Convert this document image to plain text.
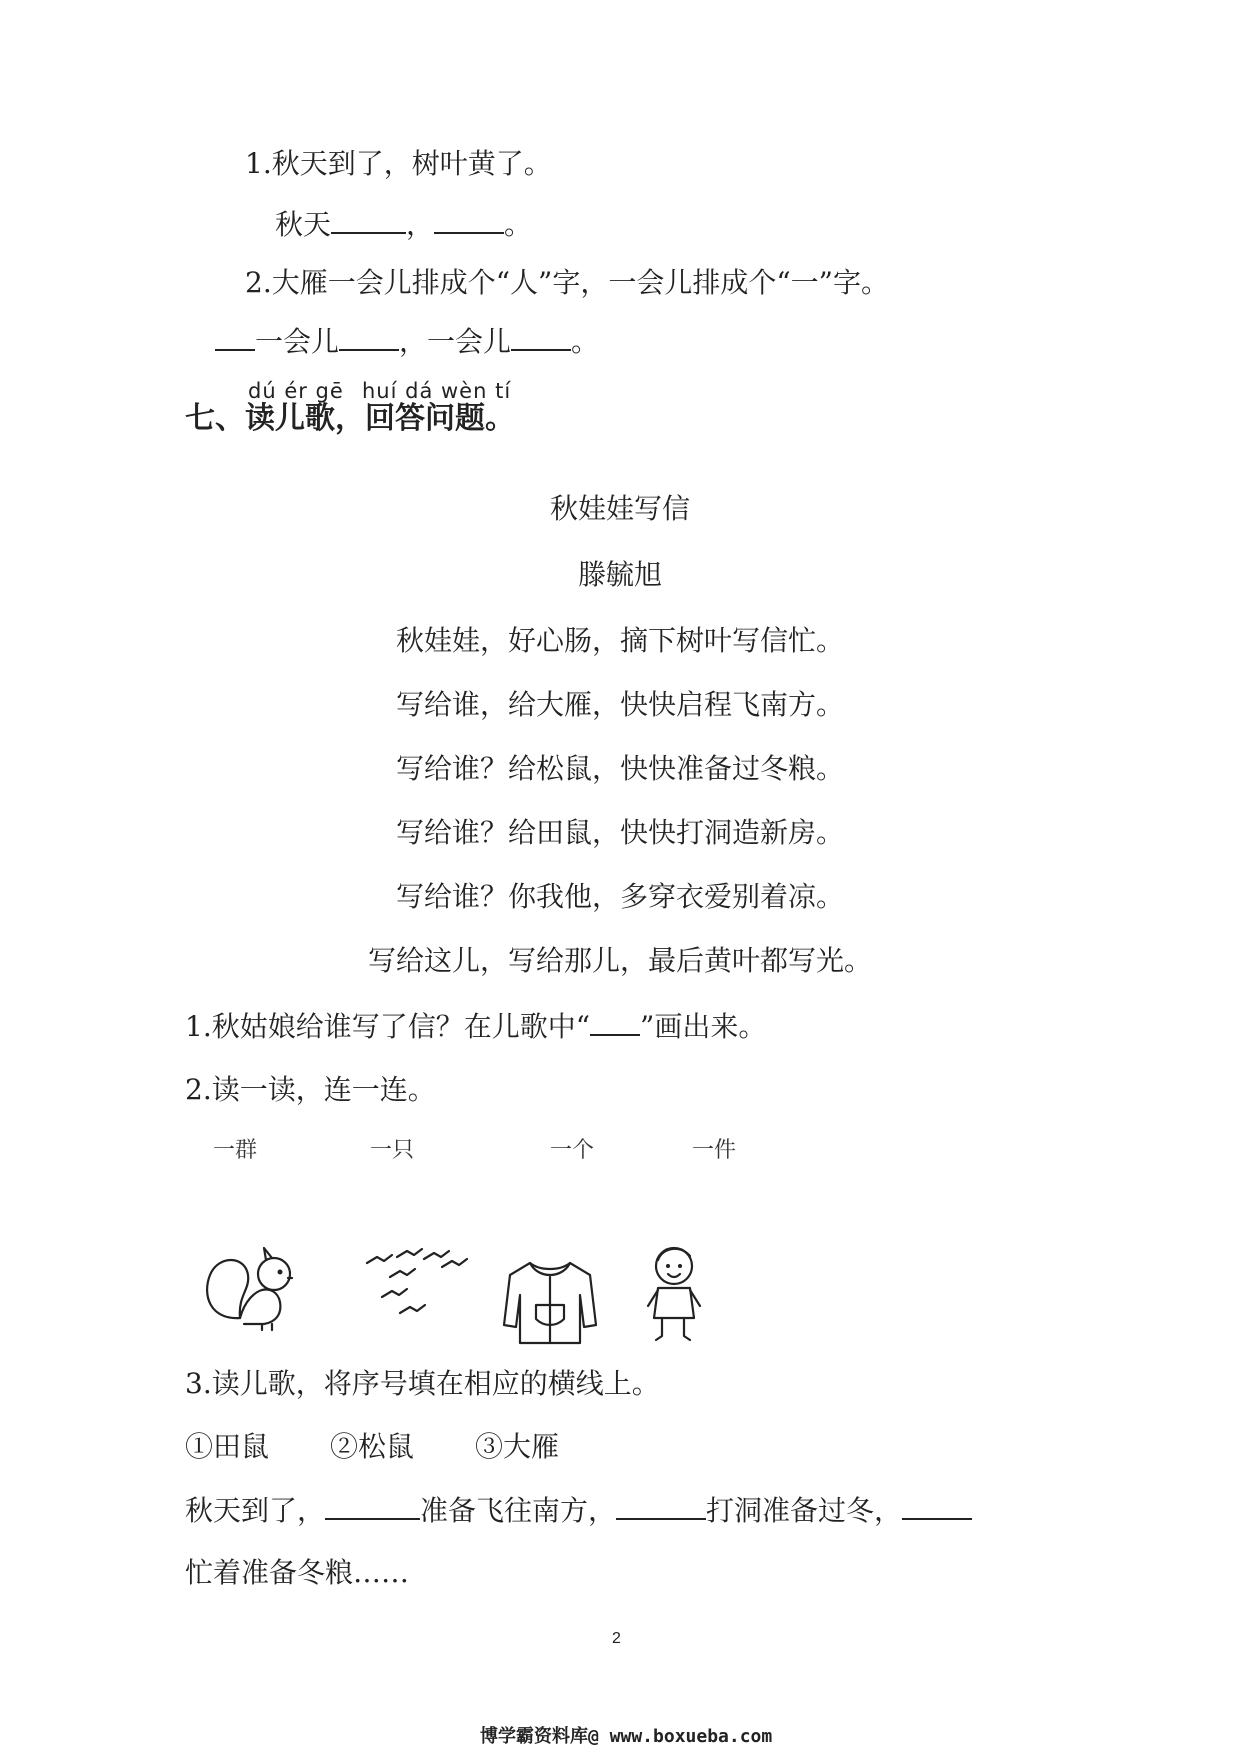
1.秋天到了，树叶黄了。
秋天	，	。
2.大雁一会儿排成个“人”字，一会儿排成个“一”字。
一会儿 ，一会儿 。
dú ér gē huí dá wèn tí
七、读儿歌，回答问题。
秋娃娃写信
滕毓旭
秋娃娃，好心肠，摘下树叶写信忙。
写给谁，给大雁，快快启程飞南方。
写给谁？给松鼠，快快准备过冬粮。
写给谁？给田鼠，快快打洞造新房。
写给谁？你我他，多穿衣爱别着凉。
写给这儿，写给那儿，最后黄叶都写光。
1.秋姑娘给谁写了信？在儿歌中“ ”画出来。
2.读一读，连一连。
一群	一只	一个	一件
3.读儿歌，将序号填在相应的横线上。
①田鼠 ②松鼠 ③大雁
秋天到了，	准备飞往南方，	打洞准备过冬，
忙着准备冬粮……
2
博学霸资料库@ www.boxueba.com
